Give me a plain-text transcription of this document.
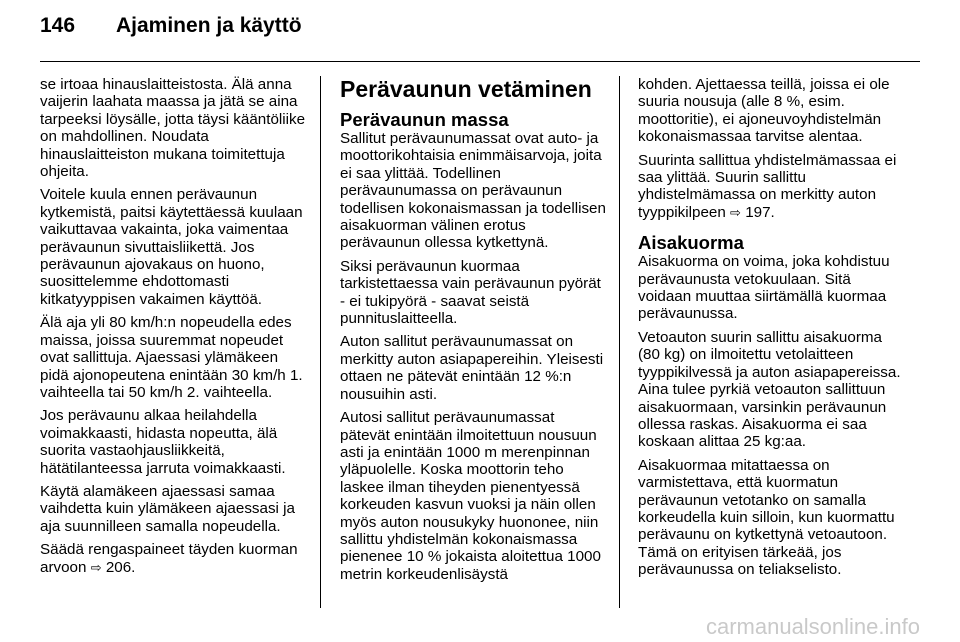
146	Ajaminen ja käyttö

se irtoaa hinauslaitteistosta. Älä anna vaijerin laahata maassa ja jätä se aina tarpeeksi löysälle, jotta täysi kääntöliike on mahdollinen. Noudata hinauslaitteiston mukana toimitettuja ohjeita.

Voitele kuula ennen perävaunun kytkemistä, paitsi käytettäessä kuulaan vaikuttavaa vakainta, joka vaimentaa perävaunun sivuttaisliikettä. Jos perävaunun ajovakaus on huono, suosittelemme ehdottomasti kitkatyyppisen vakaimen käyttöä.

Älä aja yli 80 km/h:n nopeudella edes maissa, joissa suuremmat nopeudet ovat sallittuja. Ajaessasi ylämäkeen pidä ajonopeutena enintään 30 km/h 1. vaihteella tai 50 km/h 2. vaihteella.

Jos perävaunu alkaa heilahdella voimakkaasti, hidasta nopeutta, älä suorita vastaohjausliikkeitä, hätätilanteessa jarruta voimakkaasti.

Käytä alamäkeen ajaessasi samaa vaihdetta kuin ylämäkeen ajaessasi ja aja suunnilleen samalla nopeudella.

Säädä rengaspaineet täyden kuorman arvoon ⇨ 206.

Perävaunun vetäminen
Perävaunun massa

Sallitut perävaunumassat ovat auto- ja moottorikohtaisia enimmäisarvoja, joita ei saa ylittää. Todellinen perävaunumassa on perävaunun todellisen kokonaismassan ja todellisen aisakuorman välinen erotus perävaunun ollessa kytkettynä.

Siksi perävaunun kuormaa tarkistettaessa vain perävaunun pyörät - ei tukipyörä - saavat seistä punnituslaitteella.

Auton sallitut perävaunumassat on merkitty auton asiapapereihin. Yleisesti ottaen ne pätevät enintään 12 %:n nousuihin asti.

Autosi sallitut perävaunumassat pätevät enintään ilmoitettuun nousuun asti ja enintään 1000 m merenpinnan yläpuolelle. Koska moottorin teho laskee ilman tiheyden pienentyessä korkeuden kasvun vuoksi ja näin ollen myös auton nousukyky huononee, niin sallittu yhdistelmän kokonaismassa pienenee 10 % jokaista aloitettua 1000 metrin korkeudenlisäystä

kohden. Ajettaessa teillä, joissa ei ole suuria nousuja (alle 8 %, esim. moottoritie), ei ajoneuvoyhdistelmän kokonaismassaa tarvitse alentaa.

Suurinta sallittua yhdistelmämassaa ei saa ylittää. Suurin sallittu yhdistelmämassa on merkitty auton tyyppikilpeen ⇨ 197.

Aisakuorma

Aisakuorma on voima, joka kohdistuu perävaunusta vetokuulaan. Sitä voidaan muuttaa siirtämällä kuormaa perävaunussa.

Vetoauton suurin sallittu aisakuorma (80 kg) on ilmoitettu vetolaitteen tyyppikilvessä ja auton asiapapereissa. Aina tulee pyrkiä vetoauton sallittuun aisakuormaan, varsinkin perävaunun ollessa raskas. Aisakuorma ei saa koskaan alittaa 25 kg:aa.

Aisakuormaa mitattaessa on varmistettava, että kuormatun perävaunun vetotanko on samalla korkeudella kuin silloin, kun kuormattu perävaunu on kytkettynä vetoautoon. Tämä on erityisen tärkeää, jos perävaunussa on teliakselisto.

carmanualsonline.info
